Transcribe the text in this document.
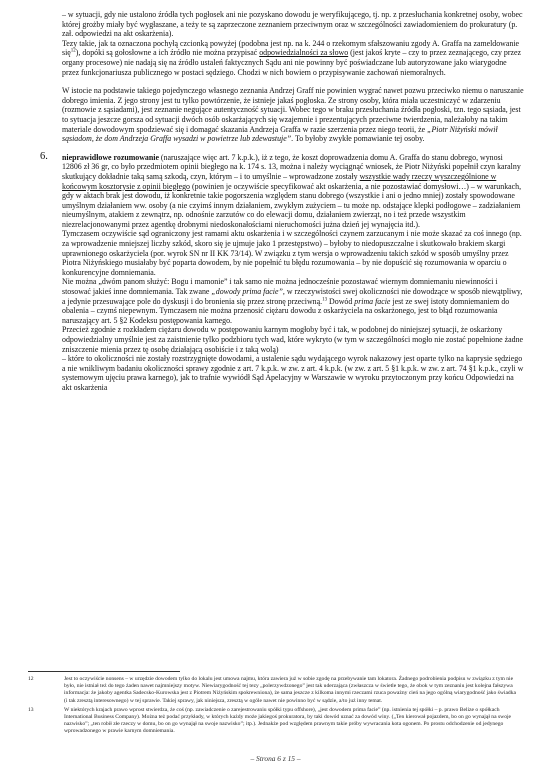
– w sytuacji, gdy nie ustalono źródła tych pogłosek ani nie pozyskano dowodu je weryfikującego, tj. np. z przesłuchania konkretnej osoby, wobec której grożby miały być wygłaszane, a teży te są zaprzeczone zeznaniem przeciwnym oraz w szczególności zawiadomieniem do prokuratury (p. zał. odpowiedzi na akt oskarżenia).

Tezy takie, jak ta oznaczona pochyłą czcionką powyżej (podobna jest np. na k. 244 o rzekomym sfałszowaniu zgody A. Graffa na zameldowanie się$^{12}$), dopóki są gołosłowne a ich źródło nie można przypisać odpowiedzialności za słowo (jest jakoś kryte – czy to przez zeznającego, czy przez organy procesowe) nie nadają się na źródło ustaleń faktycznych Sądu ani nie powinny być poświadczane lub autoryzowane jako wiarygodne przez funkcjonariusza publicznego w postaci sędziego. Chodzi w nich bowiem o przypisywanie zachowań niemoralnych.

W istocie na podstawie takiego pojedynczego własnego zeznania Andrzej Graff nie powinien wygrać nawet pozwu przeciwko niemu o naruszanie dobrego imienia. Z jego strony jest tu tylko powtórzenie, że istnieje jakaś pogłoska. Ze strony osoby, która miała uczestniczyć w zdarzeniu (rozmowie z sąsiadami), jest zeznanie negujące autentyczność sytuacji. Wobec tego w braku przesłuchania źródła pogłoski, tzn. tego sąsiada, jest to sytuacja jeszcze gorsza od sytuacji dwóch osób oskarżających się wzajemnie i prezentujących przeciwne twierdzenia, należałoby na takim materiale dowodowym spodziewać się i domagać skazania Andrzeja Graffa w razie szerzenia przez niego teorii, że „Piotr Niżyński mówił sąsiadom, że dom Andrzeja Graffa wysadzi w powietrze lub zdewastuje”. To byłoby zwykłe pomawianie tej osoby.

6. nieprawidłowe rozumowanie (naruszające więc art. 7 k.p.k.), iż z tego, że koszt doprowadzenia domu A. Graffa do stanu dobrego, wynosi 12806 zł 36 gr, co było przedmiotem opinii biegłego na k. 174 s. 13, można i należy wyciągnąć wniosek, że Piotr Niżyński popełnił czyn karalny skutkujący dokładnie taką samą szkodą, czyn, którym – i to umyślnie – wprowadzone zostały wszystkie wady rzeczy wyszczególnione w końcowym kosztorysie z opinii biegłego (powinien je oczywiście specyfikować akt oskarżenia, a nie pozostawiać domysłowi…) – w warunkach, gdy w aktach brak jest dowodu, iż konkretnie takie pogorszenia względem stanu dobrego (wszystkie i ani o jedno mniej) zostały spowodowane umyślnym działaniem ww. osoby (a nie czyimś innym działaniem, zwykłym zużyciem – tu może np. odstające klepki podłogowe – zadziałaniem nieumyślnym, atakiem z zewnątrz, np. odnośnie zarzutów co do elewacji domu, działaniem zwierząt, no i też przede wszystkim niezrelacjonowanymi przez agentkę drobnymi niedoskonałościami nieruchomości jużna dzień jej wynajęcia itd.).

Tymczasem oczywiście sąd ograniczony jest ramami aktu oskarżenia i w szczególności czynem zarzucanym i nie może skazać za coś innego (np. za wprowadzenie mniejszej liczby szkód, skoro się je ujmuje jako 1 przestępstwo) – byłoby to niedopuszczalne i skutkowało brakiem skargi uprawnionego oskarżyciela (por. wyrok SN nr II KK 73/14). W związku z tym wersja o wprowadzeniu takich szkód w sposób umyślny przez Piotra Niżyńskiego musiałaby być poparta dowodem, by nie popełnić tu błędu rozumowania – by nie dopuścić się rozumowania w oparciu o konkurencyjne domniemania.

Nie można „dwóm panom służyć: Bogu i mamonie” i tak samo nie można jednocześnie pozostawać wiernym domniemaniu niewinności i stosować jakieś inne domniemania. Tak zwane „dowody prima facie”, w rzeczywistości swej okoliczności nie dowodzące w sposób niewątpliwy, a jedynie przesuwające pole do dyskusji i do bronienia się przez stronę przeciwną.$^{13}$ Dowód prima facie jest ze swej istoty domniemaniem do obalenia – czymś niepewnym. Tymczasem nie można przenosić ciężaru dowodu z oskarżyciela na oskarżonego, jest to błąd rozumowania naruszający art. 5 §2 Kodeksu postępowania karnego.

Przecież zgodnie z rozkładem ciężaru dowodu w postępowaniu karnym mogłoby być i tak, w podobnej do niniejszej sytuacji, że oskarżony odpowiedzialny umyślnie jest za zaistnienie tylko podzbioru tych wad, które wykryto (w tym w szczególności mogło nie zostać popełnione żadne zniszczenie mienia przez tę osobę działającą osobiście i z taką wolą)

– które to okoliczności nie zostały rozstrzygnięte dowodami, a ustalenie sądu wydającego wyrok nakazowy jest oparte tylko na kaprysie sędziego a nie wnikliwym badaniu okoliczności sprawy zgodnie z art. 7 k.p.k. w zw. z art. 4 k.p.k. (w zw. z art. 5 §1 k.p.k. w zw. z art. 74 §1 k.p.k., czyli w systemowym ujęciu prawa karnego), jak to trafnie wywiódł Sąd Apelacyjny w Warszawie w wyroku przytoczonym przy końcu Odpowiedzi na akt oskarżenia

12	Jest to oczywiście nonsens – w urzędzie dowodem tylko do lokalu jest umowa najmu, która zawiera już w sobie zgodę na przebywanie tam lokatora. Żadnego podrobienia podpisu w związku z tym nie było, nie istniał też do tego żaden nawet najmniejszy motyw. Niewiarygodność tej tezy „polerzywdzonego” jest tak uderzająca (zwłaszcza w świetle tego, że obok w tym zeznaniu jest kolejna fałszywa informacja: że jakoby agentka Sadecsko-Kurowska jest z Piotrem Niżyńskim spokrewniona), że sama jeszcze z kilkoma innymi rzeczami rzuca poważny cień na jego ogólną wiarygodność jako świadka (i tak zresztą interesownego) w tej sprawie. Takiej sprawy, jak niniejsza, zresztą w ogóle nawet nie powinno być w sądzie, a/to już inny temat.

13	W niektórych krajach prawo wprost stwierdza, że coś (np. zawiadczenie o zarejestrowaniu spółki typu offshore), „jest dowodem prima facie” (np. istnienia tej spółki – p. prawo Belize o spółkach International Business Company). Można też podać przykłady, w których każdy może jakiegoś prokuratora, by taki dowód uznać za dowód winy. („Ten kierował pojazdem, bo on go wynajął na swoje nazwisko”; „ten robił złe rzeczy w domu, bo on go wynajął na swoje nazwisko”; itp.). Jednakże pod względem prawnym takie próby wywracania kota ogonem. Po prostu odchodzenie od jedynego wprowadzonego w prawie karnym domniemania.

– Strona 6 z 15 –
